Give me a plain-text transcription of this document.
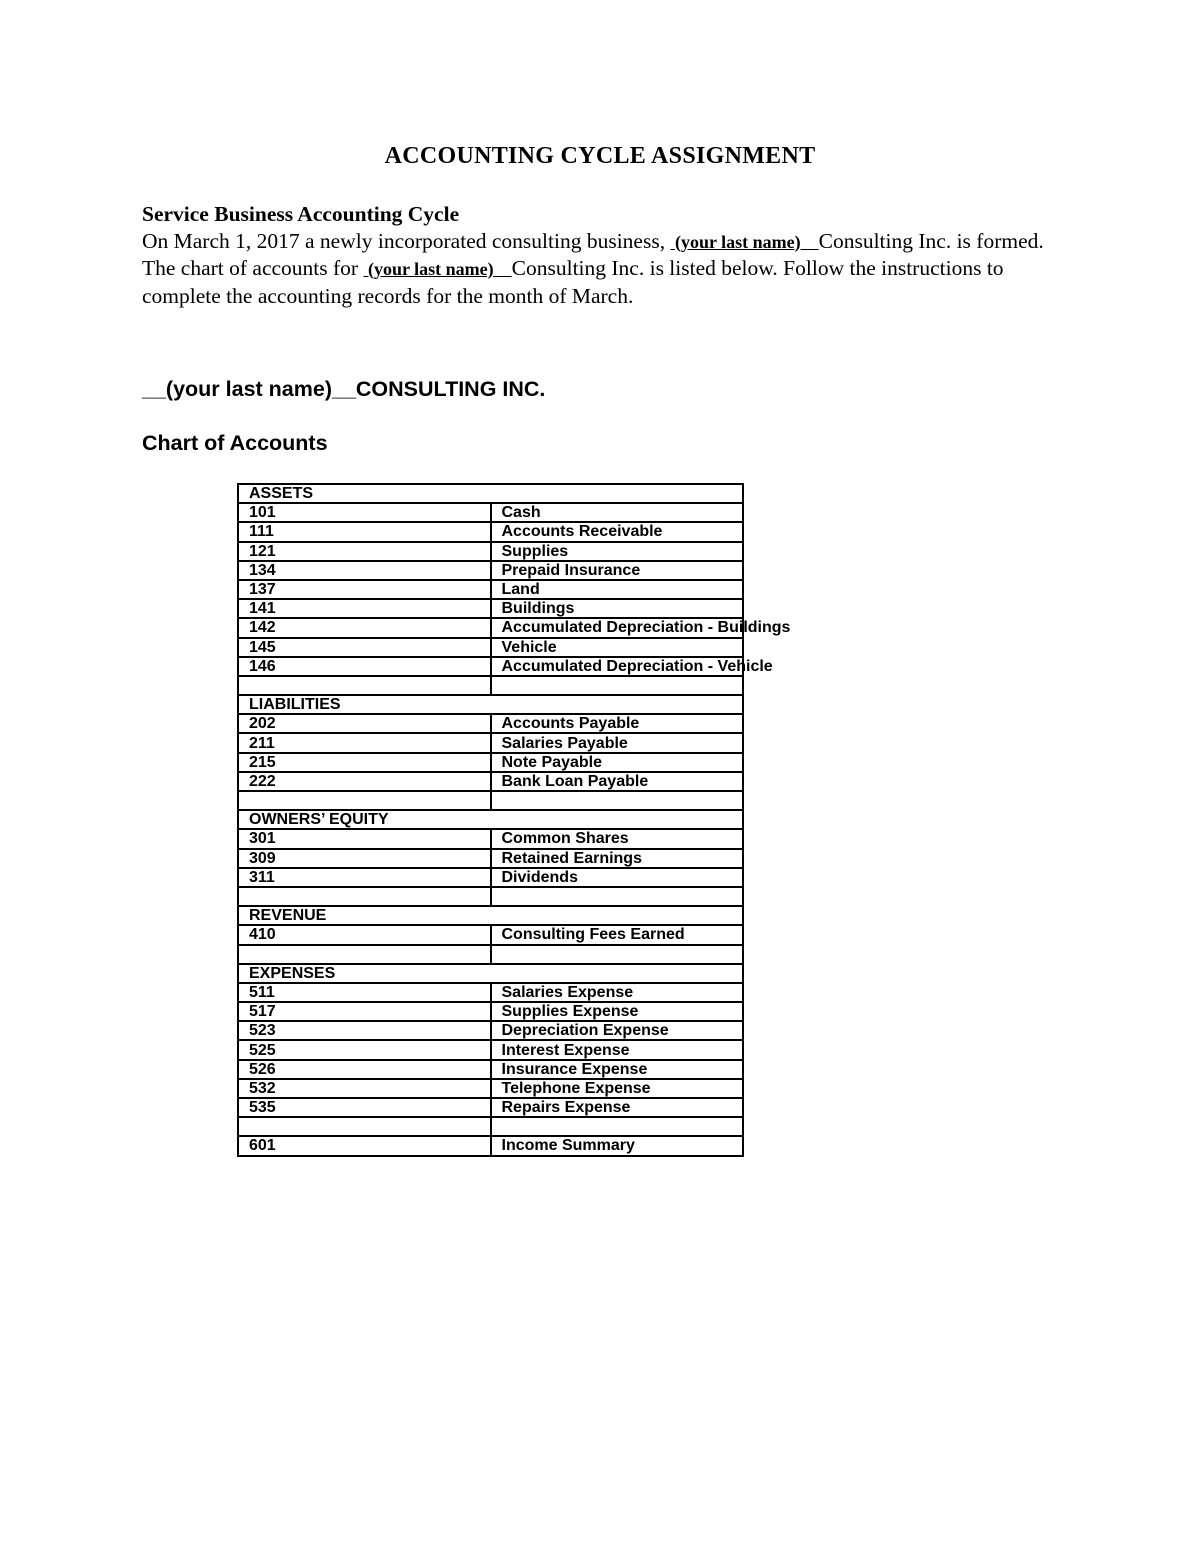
ACCOUNTING CYCLE ASSIGNMENT
Service Business Accounting Cycle
On March 1, 2017 a newly incorporated consulting business,  (your last name)    Consulting Inc. is formed.
The chart of accounts for  (your last name)    Consulting Inc. is listed below. Follow the instructions to complete the accounting records for the month of March.
__(your last name)__CONSULTING INC.
Chart of Accounts
ASSETS	
101	Cash
111	Accounts Receivable
121	Supplies
134	Prepaid Insurance
137	Land
141	Buildings
142	Accumulated Depreciation - Buildings
145	Vehicle
146	Accumulated Depreciation - Vehicle

LIABILITIES	
202	Accounts Payable
211	Salaries Payable
215	Note Payable
222	Bank Loan Payable

OWNERS’ EQUITY	
301	Common Shares
309	Retained Earnings
311	Dividends

REVENUE	
410	Consulting Fees Earned

EXPENSES	
511	Salaries Expense
517	Supplies Expense
523	Depreciation Expense
525	Interest Expense
526	Insurance Expense
532	Telephone Expense
535	Repairs Expense

601	Income Summary
